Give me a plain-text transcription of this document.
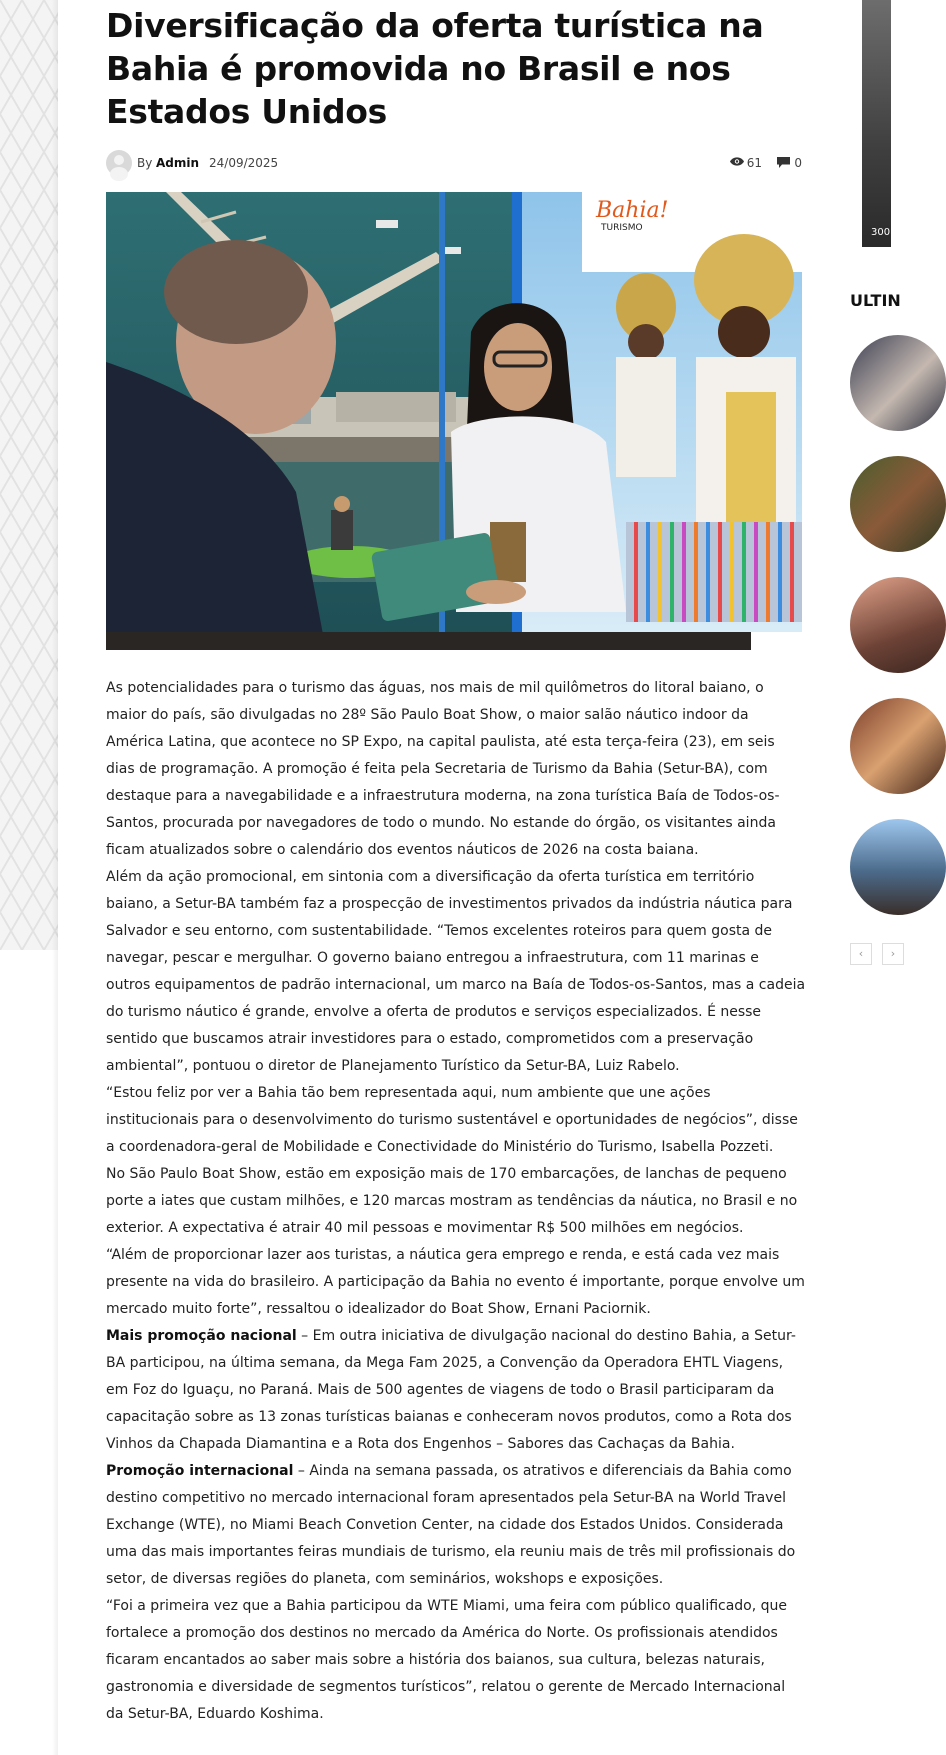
Diversificação da oferta turística na Bahia é promovida no Brasil e nos Estados Unidos
By Admin 24/09/2025	61	0
Bahia!
TURISMO

As potencialidades para o turismo das águas, nos mais de mil quilômetros do litoral baiano, o maior do país, são divulgadas no 28º São Paulo Boat Show, o maior salão náutico indoor da América Latina, que acontece no SP Expo, na capital paulista, até esta terça-feira (23), em seis dias de programação. A promoção é feita pela Secretaria de Turismo da Bahia (Setur-BA), com destaque para a navegabilidade e a infraestrutura moderna, na zona turística Baía de Todos-os-Santos, procurada por navegadores de todo o mundo. No estande do órgão, os visitantes ainda ficam atualizados sobre o calendário dos eventos náuticos de 2026 na costa baiana.

Além da ação promocional, em sintonia com a diversificação da oferta turística em território baiano, a Setur-BA também faz a prospecção de investimentos privados da indústria náutica para Salvador e seu entorno, com sustentabilidade. “Temos excelentes roteiros para quem gosta de navegar, pescar e mergulhar. O governo baiano entregou a infraestrutura, com 11 marinas e outros equipamentos de padrão internacional, um marco na Baía de Todos-os-Santos, mas a cadeia do turismo náutico é grande, envolve a oferta de produtos e serviços especializados. É nesse sentido que buscamos atrair investidores para o estado, comprometidos com a preservação ambiental”, pontuou o diretor de Planejamento Turístico da Setur-BA, Luiz Rabelo.

“Estou feliz por ver a Bahia tão bem representada aqui, num ambiente que une ações institucionais para o desenvolvimento do turismo sustentável e oportunidades de negócios”, disse a coordenadora-geral de Mobilidade e Conectividade do Ministério do Turismo, Isabella Pozzeti.

No São Paulo Boat Show, estão em exposição mais de 170 embarcações, de lanchas de pequeno porte a iates que custam milhões, e 120 marcas mostram as tendências da náutica, no Brasil e no exterior. A expectativa é atrair 40 mil pessoas e movimentar R$ 500 milhões em negócios.

“Além de proporcionar lazer aos turistas, a náutica gera emprego e renda, e está cada vez mais presente na vida do brasileiro. A participação da Bahia no evento é importante, porque envolve um mercado muito forte”, ressaltou o idealizador do Boat Show, Ernani Paciornik.

Mais promoção nacional – Em outra iniciativa de divulgação nacional do destino Bahia, a Setur-BA participou, na última semana, da Mega Fam 2025, a Convenção da Operadora EHTL Viagens, em Foz do Iguaçu, no Paraná. Mais de 500 agentes de viagens de todo o Brasil participaram da capacitação sobre as 13 zonas turísticas baianas e conheceram novos produtos, como a Rota dos Vinhos da Chapada Diamantina e a Rota dos Engenhos – Sabores das Cachaças da Bahia.

Promoção internacional – Ainda na semana passada, os atrativos e diferenciais da Bahia como destino competitivo no mercado internacional foram apresentados pela Setur-BA na World Travel Exchange (WTE), no Miami Beach Convetion Center, na cidade dos Estados Unidos. Considerada uma das mais importantes feiras mundiais de turismo, ela reuniu mais de três mil profissionais do setor, de diversas regiões do planeta, com seminários, wokshops e exposições.

“Foi a primeira vez que a Bahia participou da WTE Miami, uma feira com público qualificado, que fortalece a promoção dos destinos no mercado da América do Norte. Os profissionais atendidos ficaram encantados ao saber mais sobre a história dos baianos, sua cultura, belezas naturais, gastronomia e diversidade de segmentos turísticos”, relatou o gerente de Mercado Internacional da Setur-BA, Eduardo Koshima.

300
ULTIN
‹	›
